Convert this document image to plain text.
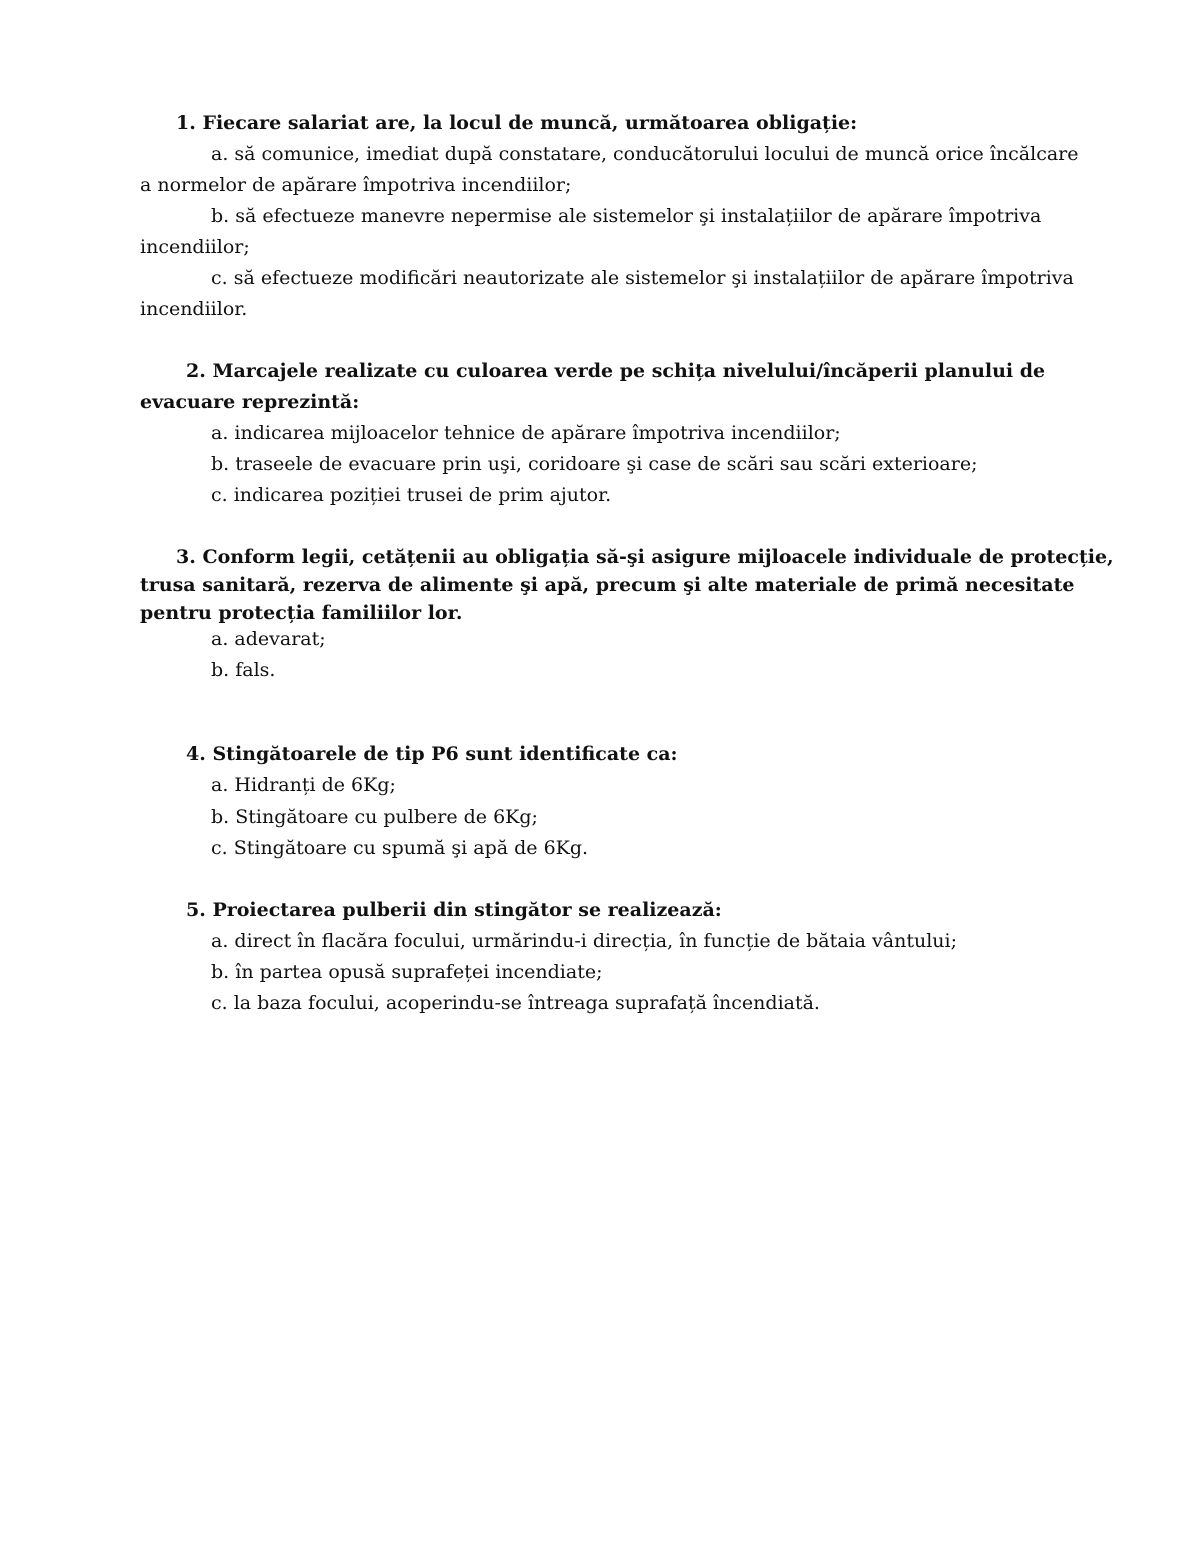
1. Fiecare salariat are, la locul de muncă, următoarea obligație:
a. să comunice, imediat după constatare, conducătorului locului de muncă orice încălcare
a normelor de apărare împotriva incendiilor;
b. să efectueze manevre nepermise ale sistemelor şi instalațiilor de apărare împotriva
incendiilor;
c. să efectueze modificări neautorizate ale sistemelor şi instalațiilor de apărare împotriva
incendiilor.
2. Marcajele realizate cu culoarea verde pe schița nivelului/încăperii planului de
evacuare reprezintă:
a. indicarea mijloacelor tehnice de apărare împotriva incendiilor;
b. traseele de evacuare prin uşi, coridoare şi case de scări sau scări exterioare;
c. indicarea poziției trusei de prim ajutor.
3. Conform legii, cetățenii au obligația să-şi asigure mijloacele individuale de protecție,
trusa sanitară, rezerva de alimente şi apă, precum şi alte materiale de primă necesitate
pentru protecția familiilor lor.
a. adevarat;
b. fals.
4. Stingătoarele de tip P6 sunt identificate ca:
a. Hidranți de 6Kg;
b. Stingătoare cu pulbere de 6Kg;
c. Stingătoare cu spumă şi apă de 6Kg.
5. Proiectarea pulberii din stingător se realizează:
a. direct în flacăra focului, urmărindu-i direcția, în funcție de bătaia vântului;
b. în partea opusă suprafeței incendiate;
c. la baza focului, acoperindu-se întreaga suprafață încendiată.
